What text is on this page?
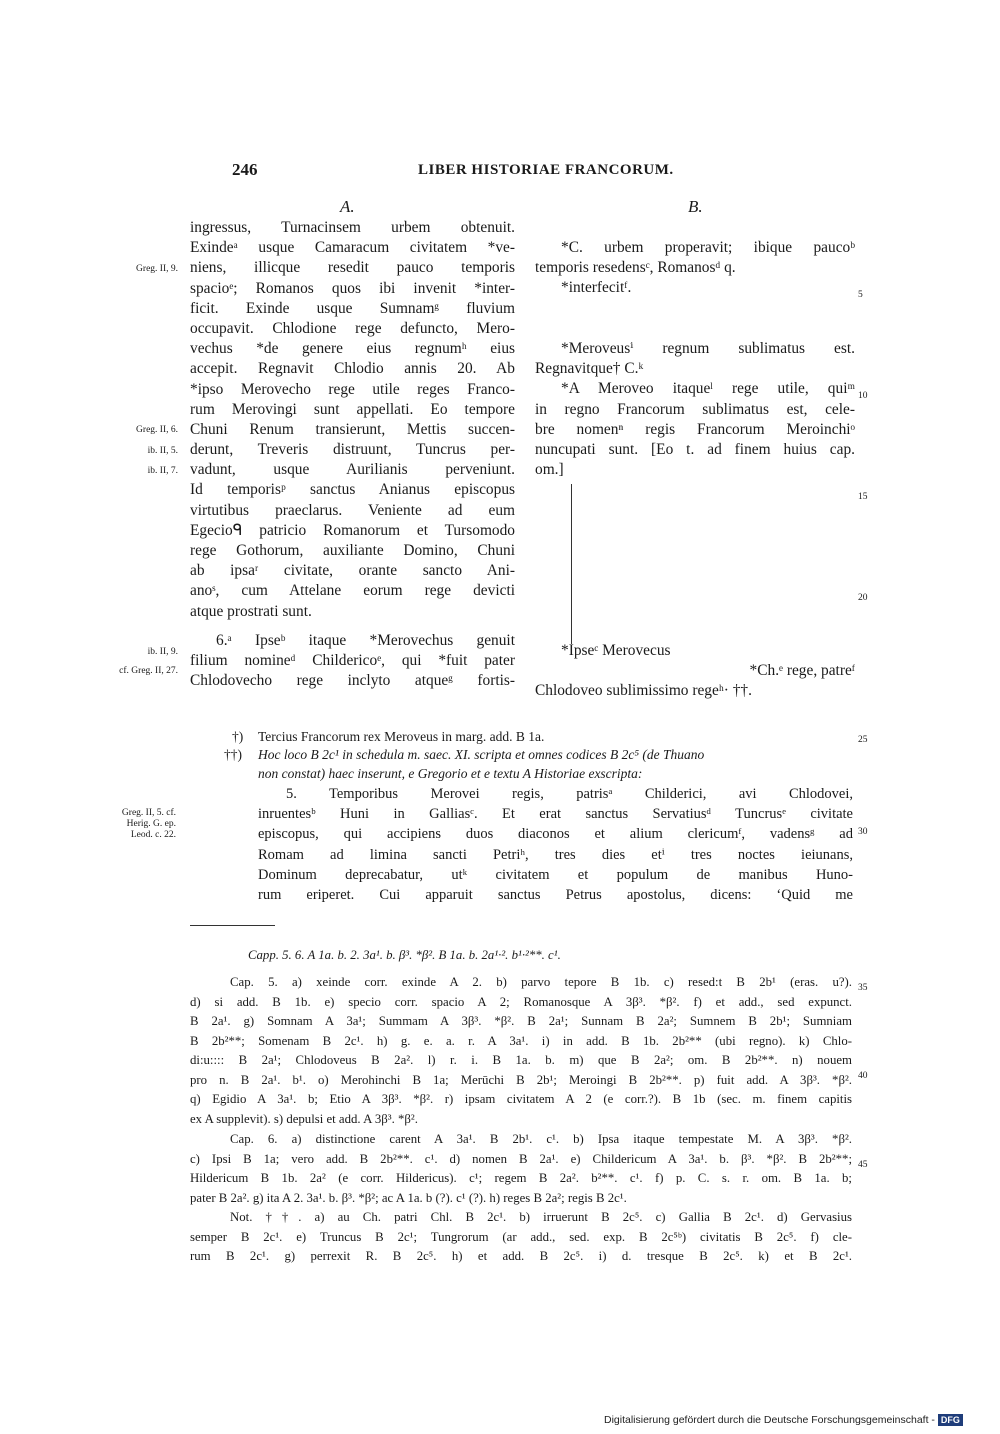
246	LIBER HISTORIAE FRANCORUM.
A.	B.
ingressus, Turnacinsem urbem obtenuit.
Exindeᵃ usque Camaracum civitatem *ve-
niens, illicque resedit pauco temporis
spacioᵉ; Romanos quos ibi invenit *inter-
ficit. Exinde usque Sumnamᵍ fluvium
occupavit. Chlodione rege defuncto, Mero-
vechus *de genere eius regnumʰ eius
accepit. Regnavit Chlodio annis 20. Ab
*ipso Merovecho rege utile reges Franco-
rum Merovingi sunt appellati. Eo tempore
Chuni Renum transierunt, Mettis succen-
derunt, Treveris distruunt, Tuncrus per-
vadunt, usque Aurilianis perveniunt.
Id temporisᵖ sanctus Anianus episcopus
virtutibus praeclarus. Veniente ad eum
Egecioᑫ patricio Romanorum et Tursomodo
rege Gothorum, auxiliante Domino, Chuni
ab ipsaʳ civitate, orante sancto Ani-
anoˢ, cum Attelane eorum rege devicti
atque prostrati sunt.
6.ᵃ Ipseᵇ itaque *Merovechus genuit
filium nomineᵈ Childericoᵉ, qui *fuit pater
Chlodovecho rege inclyto atqueᵍ fortis-
*C. urbem properavit; ibique paucoᵇ
temporis resedensᶜ, Romanosᵈ q.
*interfecitᶠ.
*Meroveusⁱ regnum sublimatus est.
Regnavitque† C.ᵏ
*A Meroveo itaqueˡ rege utile, quiᵐ
in regno Francorum sublimatus est, cele-
bre nomenⁿ regis Francorum Meroinchiᵒ
nuncupati sunt. [Eo t. ad finem huius cap.
om.]
*Ipseᶜ Merovecus
*Ch.ᵉ rege, patreᶠ
Chlodoveo sublimissimo regeʰ· ††.
Greg. II, 9.
Greg. II, 6.
ib. II, 5.
ib. II, 7.
ib. II, 9.
cf. Greg. II, 27.
Greg. II, 5. cf. Herig. G. ep. Leod. c. 22.
5
10
15
20
25
30
35
40
45
†) Tercius Francorum rex Meroveus in marg. add. B 1a.
††) Hoc loco B 2c¹ in schedula m. saec. XI. scripta et omnes codices B 2c⁵ (de Thuano
non constat) haec inserunt, e Gregorio et e textu A Historiae exscripta:
5. Temporibus Merovei regis, patrisᵃ Childerici, avi Chlodovei,
inruentesᵇ Huni in Galliasᶜ. Et erat sanctus Servatiusᵈ Tuncrusᵉ civitate
episcopus, qui accipiens duos diaconos et alium clericumᶠ, vadensᵍ ad
Romam ad limina sancti Petriʰ, tres dies etⁱ tres noctes ieiunans,
Dominum deprecabatur, utᵏ civitatem et populum de manibus Huno-
rum eriperet. Cui apparuit sanctus Petrus apostolus, dicens: ‘Quid me
Capp. 5. 6. A 1a. b. 2. 3a¹. b. β³. *β². B 1a. b. 2a¹·². b¹·²**. c¹.
Cap. 5. a) xeinde corr. exinde A 2. b) parvo tepore B 1b. c) resed:t B 2b¹ (eras. u?).
d) si add. B 1b. e) specio corr. spacio A 2; Romanosque A 3β³. *β². f) et add., sed expunct.
B 2a¹. g) Somnam A 3a¹; Summam A 3β³. *β². B 2a¹; Sunnam B 2a²; Sumnem B 2b¹; Sumniam
B 2b²**; Somenam B 2c¹. h) g. e. a. r. A 3a¹. i) in add. B 1b. 2b²** (ubi regno). k) Chlo-
di:u:::: B 2a¹; Chlodoveus B 2a². l) r. i. B 1a. b. m) que B 2a²; om. B 2b²**. n) nouem
pro n. B 2a¹. b¹. o) Merohinchi B 1a; Merūchi B 2b¹; Meroingi B 2b²**. p) fuit add. A 3β³. *β².
q) Egidio A 3a¹. b; Etio A 3β³. *β². r) ipsam civitatem A 2 (e corr.?). B 1b (sec. m. finem capitis
ex A supplevit). s) depulsi et add. A 3β³. *β².
Cap. 6. a) distinctione carent A 3a¹. B 2b¹. c¹. b) Ipsa itaque tempestate M. A 3β³. *β².
c) Ipsi B 1a; vero add. B 2b²**. c¹. d) nomen B 2a¹. e) Childericum A 3a¹. b. β³. *β². B 2b²**;
Hildericum B 1b. 2a² (e corr. Hildericus). c¹; regem B 2a². b²**. c¹. f) p. C. s. r. om. B 1a. b;
pater B 2a². g) ita A 2. 3a¹. b. β³. *β²; ac A 1a. b (?). c¹ (?). h) reges B 2a²; regis B 2c¹.
Not. ††. a) au Ch. patri Chl. B 2c¹. b) irruerunt B 2c⁵. c) Gallia B 2c¹. d) Gervasius
semper B 2c¹. e) Truncus B 2c¹; Tungrorum (ar add., sed. exp. B 2c⁵ᵇ) civitatis B 2c⁵. f) cle-
rum B 2c¹. g) perrexit R. B 2c⁵. h) et add. B 2c⁵. i) d. tresque B 2c⁵. k) et B 2c¹.
Digitalisierung gefördert durch die Deutsche Forschungsgemeinschaft - DFG
